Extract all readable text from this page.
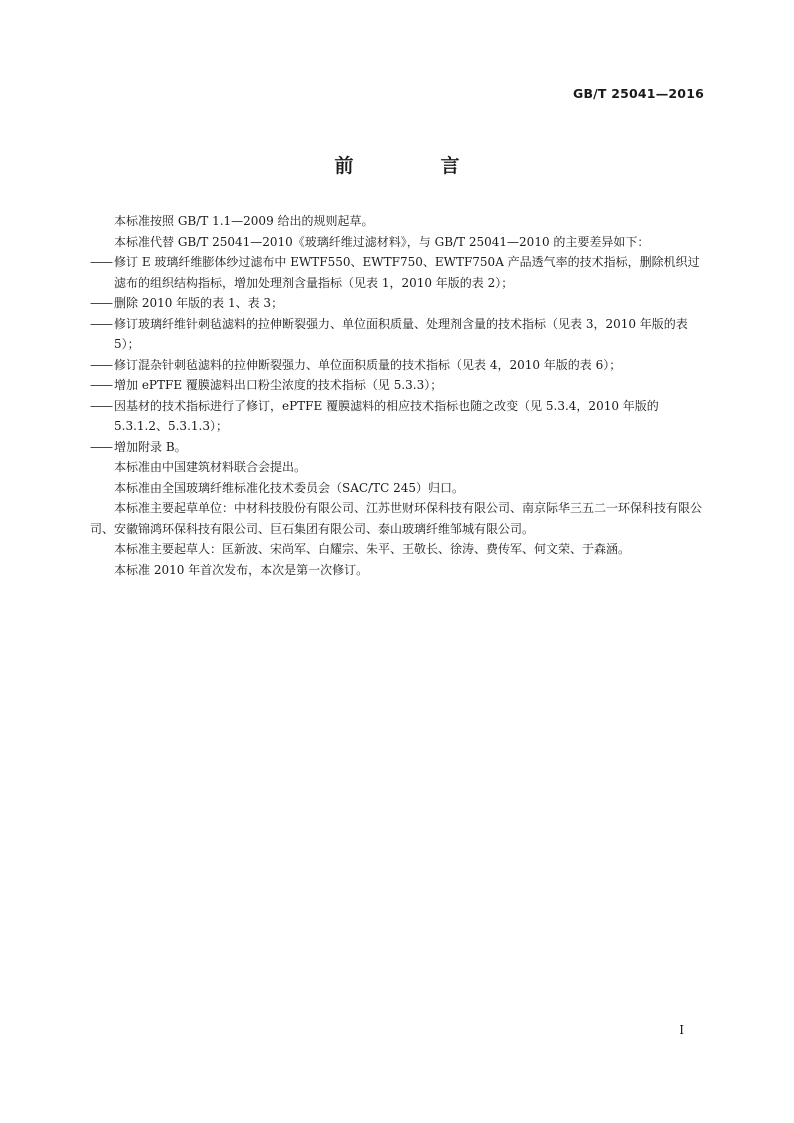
GB/T 25041—2016
前　言

本标准按照 GB/T 1.1—2009 给出的规则起草。

本标准代替 GB/T 25041—2010《玻璃纤维过滤材料》，与 GB/T 25041—2010 的主要差异如下：

—— 修订 E 玻璃纤维膨体纱过滤布中 EWTF550、EWTF750、EWTF750A 产品透气率的技术指标，删除机织过滤布的组织结构指标，增加处理剂含量指标（见表 1，2010 年版的表 2）；
—— 删除 2010 年版的表 1、表 3；
—— 修订玻璃纤维针刺毡滤料的拉伸断裂强力、单位面积质量、处理剂含量的技术指标（见表 3，2010 年版的表 5）；
—— 修订混杂针刺毡滤料的拉伸断裂强力、单位面积质量的技术指标（见表 4，2010 年版的表 6）；
—— 增加 ePTFE 覆膜滤料出口粉尘浓度的技术指标（见 5.3.3）；
—— 因基材的技术指标进行了修订，ePTFE 覆膜滤料的相应技术指标也随之改变（见 5.3.4，2010 年版的 5.3.1.2、5.3.1.3）；
—— 增加附录 B。

本标准由中国建筑材料联合会提出。

本标准由全国玻璃纤维标准化技术委员会（SAC/TC 245）归口。

本标准主要起草单位：中材科技股份有限公司、江苏世财环保科技有限公司、南京际华三五二一环保科技有限公司、安徽锦鸿环保科技有限公司、巨石集团有限公司、泰山玻璃纤维邹城有限公司。

本标准主要起草人：匡新波、宋尚军、白耀宗、朱平、王敬长、徐涛、费传军、何文荣、于森涵。

本标准 2010 年首次发布，本次是第一次修订。

I
